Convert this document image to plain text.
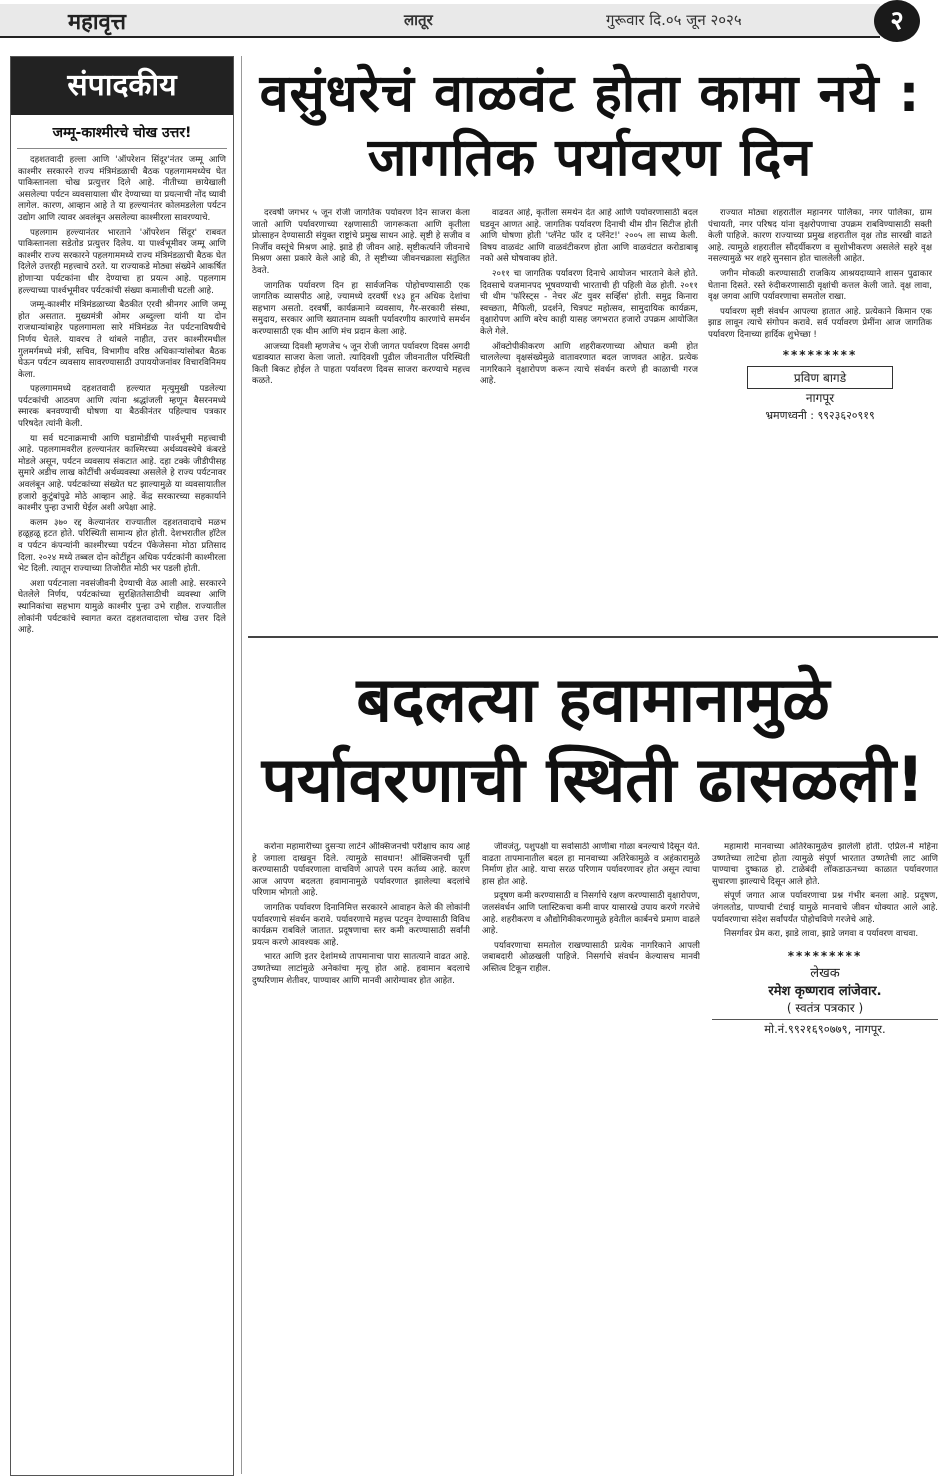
महावृत्त	लातूर	गुरूवार दि.०५ जून २०२५	२
संपादकीय
जम्मू-काश्मीरचे चोख उत्तर!

दहशतवादी हल्ला आणि 'ऑपरेशन सिंदूर'नंतर जम्मू आणि काश्मीर सरकारने राज्य मंत्रिमंडळाची बैठक पहलगाममध्येच घेत पाकिस्तानला चोख प्रत्युत्तर दिले आहे. नीतीच्या छायेखाली असलेल्या पर्यटन व्यवसायाला धीर देण्याच्या या प्रयत्नाची नोंद घ्यावी लागेल. कारण, आव्हान आहे ते या हल्ल्यानंतर कोलमडलेला पर्यटन उद्योग आणि त्यावर अवलंबून असलेल्या काश्मीरला सावरण्याचे.

पहलगाम हल्ल्यानंतर भारताने 'ऑपरेशन सिंदूर' राबवत पाकिस्तानला सडेतोड प्रत्युत्तर दिलेय. या पार्श्वभूमीवर जम्मू आणि काश्मीर राज्य सरकारने पहलगाममध्ये राज्य मंत्रिमंडळाची बैठक घेत दिलेले उत्तरही महत्त्वाचे ठरते. या राज्याकडे मोठ्या संख्येने आकर्षित होणाऱ्या पर्यटकांना धीर देण्याचा हा प्रयत्न आहे. पहलगाम हल्ल्याच्या पार्श्वभूमीवर पर्यटकांची संख्या कमालीची घटली आहे.

जम्मू-काश्मीर मंत्रिमंडळाच्या बैठकीत एरवी श्रीनगर आणि जम्मू होत असतात. मुख्यमंत्री ओमर अब्दुल्ला यांनी या दोन राजधान्यांबाहेर पहलगामला सारे मंत्रिमंडळ नेत पर्यटनाविषयीचे निर्णय घेतले. यावरच ते थांबले नाहीत, उत्तर काश्मीरमधील गुलमर्गमध्ये मंत्री, सचिव, विभागीय वरिष्ठ अधिकाऱ्यांसोबत बैठक घेऊन पर्यटन व्यवसाय सावरण्यासाठी उपाययोजनांवर विचारविनिमय केला.

पहलगाममध्ये दहशतवादी हल्ल्यात मृत्युमुखी पडलेल्या पर्यटकांची आठवण आणि त्यांना श्रद्धांजली म्हणून बैसरनमध्ये स्मारक बनवण्याची घोषणा या बैठकीनंतर पहिल्याच पत्रकार परिषदेत त्यांनी केली.

या सर्व घटनाक्रमाची आणि घडामोडींची पार्श्वभूमी महत्त्वाची आहे. पहलगामवरील हल्ल्यानंतर काश्मिरच्या अर्थव्यवस्थेचे कंबरडे मोडले असून, पर्यटन व्यवसाय संकटात आहे. दहा टक्के जीडीपीसह सुमारे अडीच लाख कोटींची अर्थव्यवस्था असलेले हे राज्य पर्यटनावर अवलंबून आहे. पर्यटकांच्या संख्येत घट झाल्यामुळे या व्यवसायातील हजारो कुटुंबांपुढे मोठे आव्हान आहे. केंद्र सरकारच्या सहकार्याने काश्मीर पुन्हा उभारी घेईल अशी अपेक्षा आहे.

कलम ३७० रद्द केल्यानंतर राज्यातील दहशतवादाचे मळभ हळूहळू हटत होते. परिस्थिती सामान्य होत होती. देशभरातील हॉटेल व पर्यटन कंपन्यांनी काश्मीरच्या पर्यटन पॅकेजेसना मोठा प्रतिसाद दिला. २०२४ मध्ये तब्बल दोन कोटींहून अधिक पर्यटकांनी काश्मीरला भेट दिली. त्यातून राज्याच्या तिजोरीत मोठी भर पडली होती.

अशा पर्यटनाला नवसंजीवनी देण्याची वेळ आली आहे. सरकारने घेतलेले निर्णय, पर्यटकांच्या सुरक्षिततेसाठीची व्यवस्था आणि स्थानिकांचा सहभाग यामुळे काश्मीर पुन्हा उभे राहील. राज्यातील लोकांनी पर्यटकांचे स्वागत करत दहशतवादाला चोख उत्तर दिले आहे.

वसुंधरेचं वाळवंट होता कामा नये : जागतिक पर्यावरण दिन

दरवर्षी जगभर ५ जून रोजी जागतिक पर्यावरण दिन साजरा केला जातो आणि पर्यावरणाच्या रक्षणासाठी जागरूकता आणि कृतीला प्रोत्साहन देण्यासाठी संयुक्त राष्ट्रांचे प्रमुख साधन आहे. सृष्टी हे सजीव व निर्जीव वस्तूंचे मिश्रण आहे. झाडे ही जीवन आहे. सृष्टीकर्त्याने जीवनाचे मिश्रण असा प्रकारे केले आहे की, ते सृष्टीच्या जीवनचक्राला संतुलित ठेवते.

जागतिक पर्यावरण दिन हा सार्वजनिक पोहोचण्यासाठी एक जागतिक व्यासपीठ आहे, ज्यामध्ये दरवर्षी १४३ हून अधिक देशांचा सहभाग असतो. दरवर्षी, कार्यक्रमाने व्यवसाय, गैर-सरकारी संस्था, समुदाय, सरकार आणि ख्यातनाम व्यक्ती पर्यावरणीय कारणांचे समर्थन करण्यासाठी एक थीम आणि मंच प्रदान केला आहे.

आजच्या दिवशी म्हणजेच ५ जून रोजी जागत पर्यावरण दिवस अगदी धडाक्यात साजरा केला जातो. त्यादिवशी पुढील जीवनातील परिस्थिती किती बिकट होईल ते पाहता पर्यावरण दिवस साजरा करण्याचे महत्त्व कळते.

वाढवत आहे, कृतीला समर्थन देत आहे आणि पर्यावरणासाठी बदल घडवून आणत आहे. जागतिक पर्यावरण दिनाची थीम ग्रीन सिटीज होती आणि घोषणा होती 'प्लॅनेट फॉर द प्लॅनेट!' २००५ ला साध्य केली. विषय वाळवंट आणि वाळवंटीकरण होता आणि वाळवंटात करोडाबाबू नको असे घोषवाक्य होते.

२०११ चा जागतिक पर्यावरण दिनाचे आयोजन भारताने केले होते. दिवसाचे यजमानपद भूषवण्याची भारताची ही पहिली वेळ होती. २०११ ची थीम 'फॉरेस्ट्स - नेचर ॲट युवर सर्व्हिस' होती. समुद्र किनारा स्वच्छता, मैफिली, प्रदर्शने, चित्रपट महोत्सव, सामुदायिक कार्यक्रम, वृक्षारोपण आणि बरेच काही यासह जगभरात हजारो उपक्रम आयोजित केले गेले.

ऑक्टोपीकीकरण आणि शहरीकरणाच्या ओघात कमी होत चाललेल्या वृक्षसंख्येमुळे वातावरणात बदल जाणवत आहेत. प्रत्येक नागरिकाने वृक्षारोपण करून त्याचे संवर्धन करणे ही काळाची गरज आहे.

राज्यात मोठ्या शहरातील महानगर पालिका, नगर पालिका, ग्राम पंचायती, नगर परिषद यांना वृक्षरोपणाचा उपक्रम राबविण्यासाठी सक्ती केली पाहिजे. कारण राज्याच्या प्रमुख शहरातील वृक्ष तोड सारखी वाढते आहे. त्यामुळे शहरातील सौंदर्यीकरण व सुशोभीकरण असलेले सहरे वृक्ष नसल्यामुळे भर शहरे सुनसान होत चाललेली आहेत.

जगीन मोकळी करण्यासाठी राजकिय आश्रयदाय्याने शासन पुढाकार घेताना दिसते. रस्ते रुंदीकरणासाठी वृक्षांची कत्तल केली जाते. वृक्ष लावा, वृक्ष जगवा आणि पर्यावरणाचा समतोल राखा.

पर्यावरण सृष्टी संवर्धन आपल्या हातात आहे. प्रत्येकाने किमान एक झाड लावून त्याचे संगोपन करावे. सर्व पर्यावरण प्रेमींना आज जागतिक पर्यावरण दिनाच्या हार्दिक शुभेच्छा !

*********
प्रविण बागडे
नागपूर
भ्रमणध्वनी : ९९२३६२०९१९
बदलत्या हवामानामुळे
पर्यावरणाची स्थिती ढासळली!

करोना महामारीच्या दुसऱ्या लाटेने ऑक्सिजनची परीक्षाच काय आहे हे जगाला दाखवून दिले. त्यामुळे सावधान! ऑक्सिजनची पूर्ती करण्यासाठी पर्यावरणाला वाचविणे आपले परम कर्तव्य आहे. कारण आज आपण बदलता हवामानामुळे पर्यावरणात झालेल्या बदलांचे परिणाम भोगतो आहे.

जागतिक पर्यावरण दिनानिमित्त सरकारने आवाहन केले की लोकांनी पर्यावरणाचे संवर्धन करावे. पर्यावरणाचे महत्त्व पटवून देण्यासाठी विविध कार्यक्रम राबविले जातात. प्रदूषणाचा स्तर कमी करण्यासाठी सर्वांनी प्रयत्न करणे आवश्यक आहे.

भारत आणि इतर देशांमध्ये तापमानाचा पारा सातत्याने वाढत आहे. उष्णतेच्या लाटांमुळे अनेकांचा मृत्यू होत आहे. हवामान बदलाचे दुष्परिणाम शेतीवर, पाण्यावर आणि मानवी आरोग्यावर होत आहेत.

जीवजंतु, पशुपक्षी या सर्वासाठी आणीबा गोळा बनल्याचे दिसून येते. वाढता तापमानातील बदल हा मानवाच्या अतिरेकामुळे व अहंकारामुळे निर्माण होत आहे. याचा सरळ परिणाम पर्यावरणावर होत असून त्याचा हास होत आहे.

प्रदूषण कमी करण्यासाठी व निसर्गाचे रक्षण करण्यासाठी वृक्षारोपण, जलसंवर्धन आणि प्लास्टिकचा कमी वापर यासारखे उपाय करणे गरजेचे आहे. शहरीकरण व औद्योगिकीकरणामुळे हवेतील कार्बनचे प्रमाण वाढले आहे.

पर्यावरणाचा समतोल राखण्यासाठी प्रत्येक नागरिकाने आपली जबाबदारी ओळखली पाहिजे. निसर्गाचे संवर्धन केल्यासच मानवी अस्तित्व टिकून राहील.

महामारी मानवाच्या अतिरेकामुळेच झालेली होती. एप्रिल-मे महिना उष्णतेच्या लाटेचा होता त्यामुळे संपूर्ण भारतात उष्णतेची लाट आणि पाण्याचा दुष्काळ हो. टाळेबंदी लॉकडाऊनच्या काळात पर्यावरणात सुधारणा झाल्याचे दिसून आले होते.

संपूर्ण जगात आज पर्यावरणाचा प्रश्न गंभीर बनला आहे. प्रदूषण, जंगलतोड, पाण्याची टंचाई यामुळे मानवाचे जीवन धोक्यात आले आहे. पर्यावरणाचा संदेश सर्वांपर्यंत पोहोचविणे गरजेचे आहे.

निसर्गावर प्रेम करा, झाडे लावा, झाडे जगवा व पर्यावरण वाचवा.

*********
लेखक
रमेश कृष्णराव लांजेवार.
( स्वतंत्र पत्रकार )
मो.नं.९९२१६९०७७९, नागपूर.
